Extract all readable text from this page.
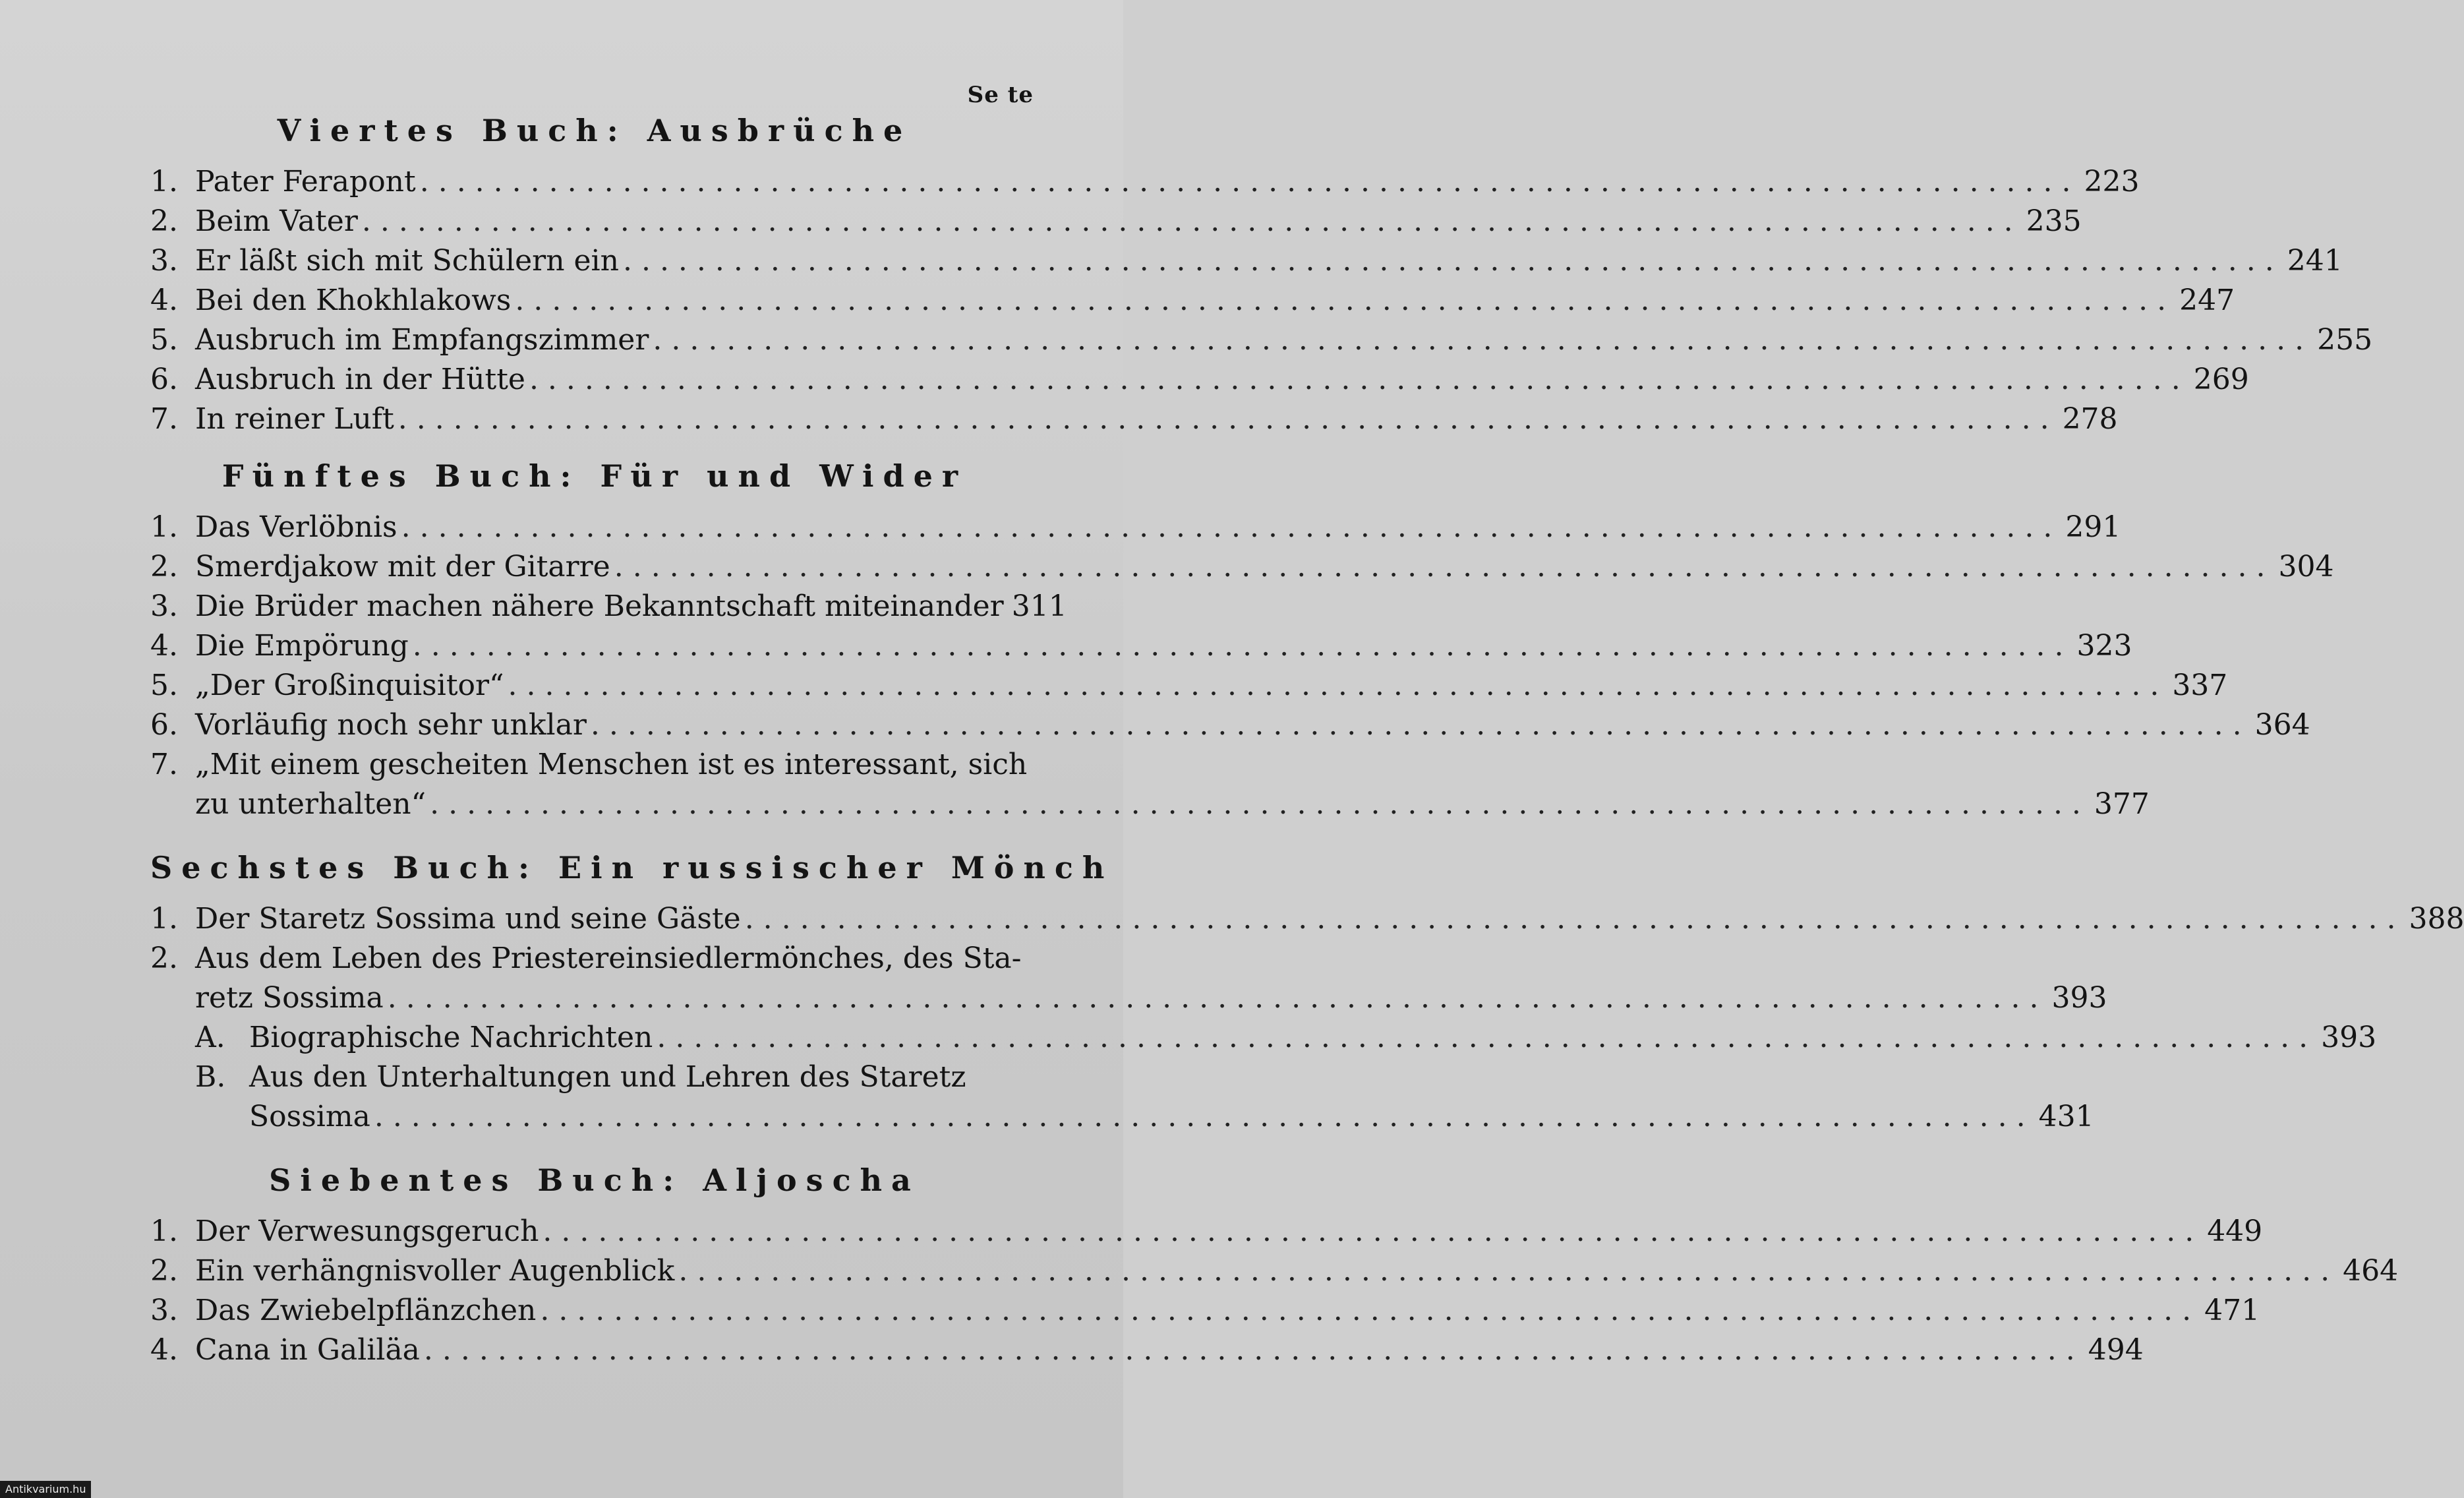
Se te
Viertes Buch: Ausbrüche
1. Pater Ferapont .......................................................................................... 223
2. Beim Vater .......................................................................................... 235
3. Er läßt sich mit Schülern ein .......................................................................................... 241
4. Bei den Khokhlakows .......................................................................................... 247
5. Ausbruch im Empfangszimmer .......................................................................................... 255
6. Ausbruch in der Hütte .......................................................................................... 269
7. In reiner Luft .......................................................................................... 278
Fünftes Buch: Für und Wider
1. Das Verlöbnis .......................................................................................... 291
2. Smerdjakow mit der Gitarre .......................................................................................... 304
3. Die Brüder machen nähere Bekanntschaft miteinander 311
4. Die Empörung .......................................................................................... 323
5. „Der Großinquisitor“ .......................................................................................... 337
6. Vorläufig noch sehr unklar .......................................................................................... 364
7. „Mit einem gescheiten Menschen ist es interessant, sich
zu unterhalten“ .......................................................................................... 377
Sechstes Buch: Ein russischer Mönch
1. Der Staretz Sossima und seine Gäste .......................................................................................... 388
2. Aus dem Leben des Priestereinsiedlermönches, des Sta-
retz Sossima .......................................................................................... 393
A. Biographische Nachrichten .......................................................................................... 393
B. Aus den Unterhaltungen und Lehren des Staretz
Sossima .......................................................................................... 431
Siebentes Buch: Aljoscha
1. Der Verwesungsgeruch .......................................................................................... 449
2. Ein verhängnisvoller Augenblick .......................................................................................... 464
3. Das Zwiebelpflänzchen .......................................................................................... 471
4. Cana in Galiläa .......................................................................................... 494
Antikvarium.hu
